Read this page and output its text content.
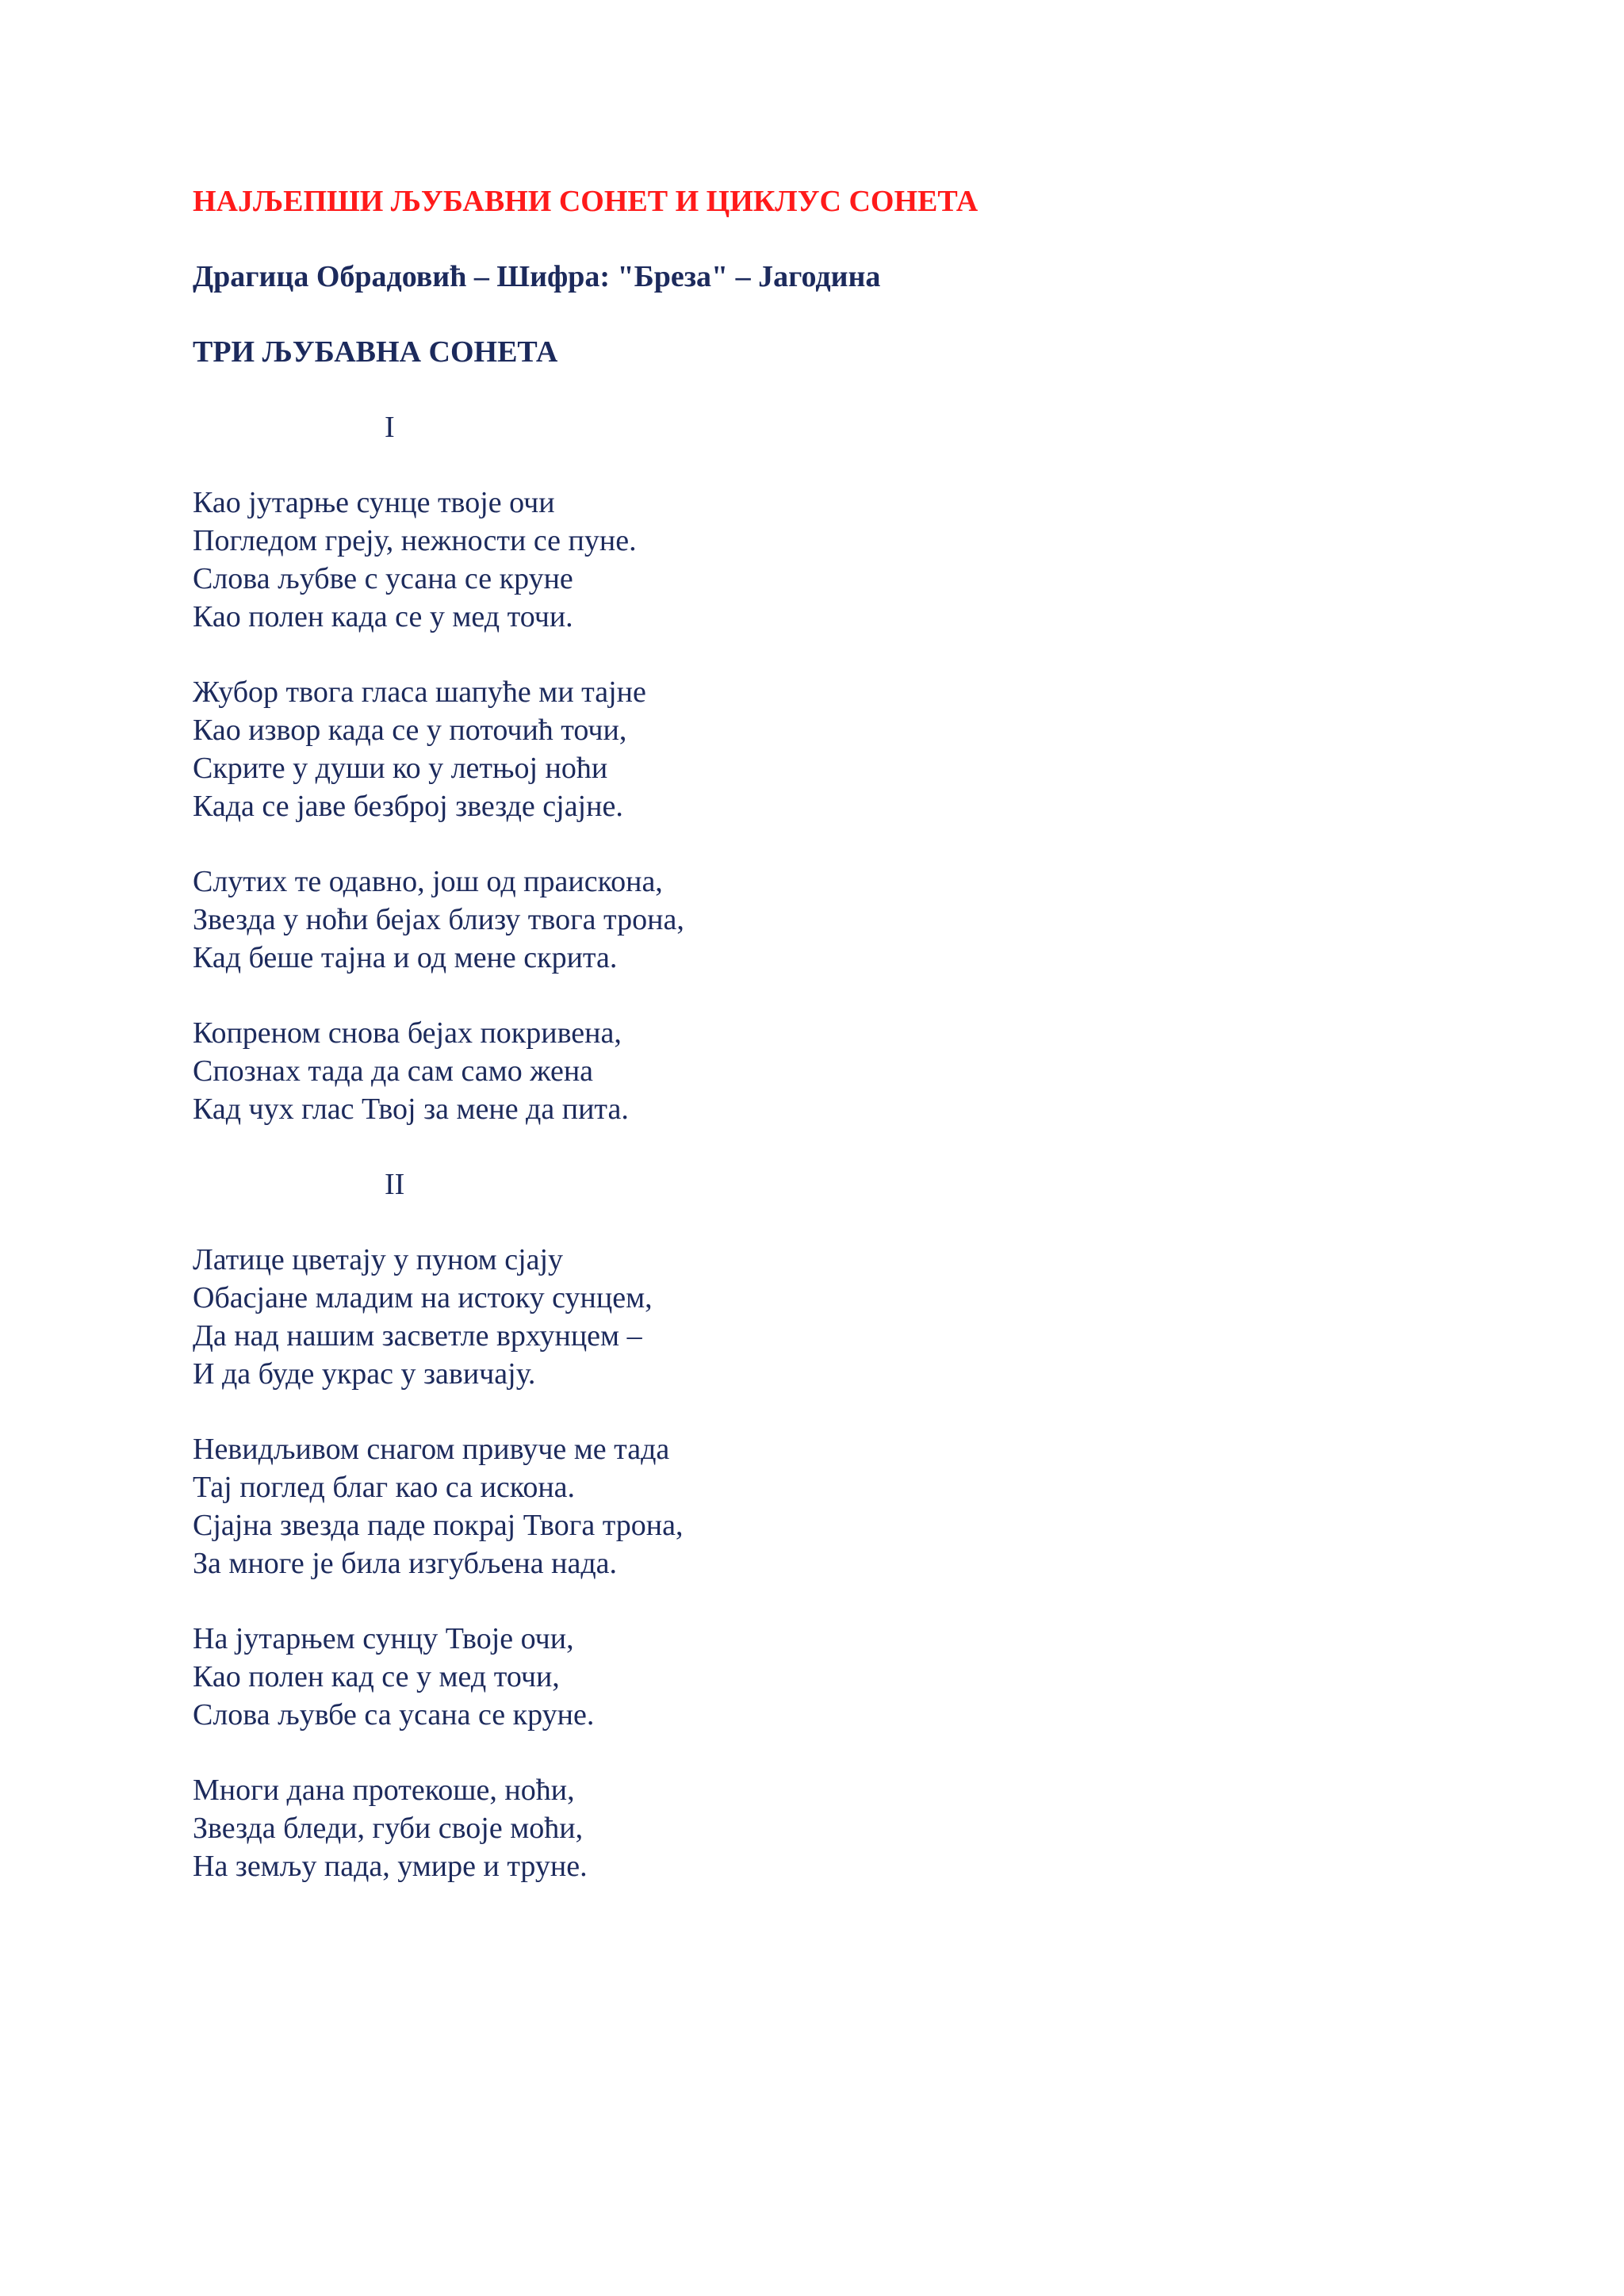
НАЈЉЕПШИ ЉУБАВНИ СОНЕТ И ЦИКЛУС СОНЕТА
Драгица Обрадовић – Шифра: "Бреза" – Јагодина
ТРИ ЉУБАВНА СОНЕТА
I
Као јутарње сунце твоје очи
Погледом грeју, нежности се пуне.
Слова љубве с усана се круне
Као полен када се у мед точи.
Жубор твога гласа шапуће ми тајне
Као извор када се у поточић точи,
Скрите у души ко у летњој ноћи
Када се јаве безброј звезде сјајне.
Слутих те одавно, још од праискона,
Звезда у ноћи бејах близу твога трона,
Кад беше тајна и од мене скрита.
Копреном снова бејах покривена,
Спознах тада да сам само жена
Кад чух глас Твој за мене да пита.
II
Латице цветају у пуном сјају
Обасјане младим на истоку сунцем,
Да над нашим засветле врхунцем –
И да буде украс у завичају.
Невидљивом снагом привуче ме тада
Тај поглед благ као са искона.
Сјајна звезда паде покрај Твога трона,
За многе је била изгубљена нада.
На јутарњем сунцу Твоје очи,
Као полен кад се у мед точи,
Слова љувбе са усана се круне.
Многи дана протекоше, ноћи,
Звезда бледи, губи своје моћи,
На земљу пада, умире и труне.
